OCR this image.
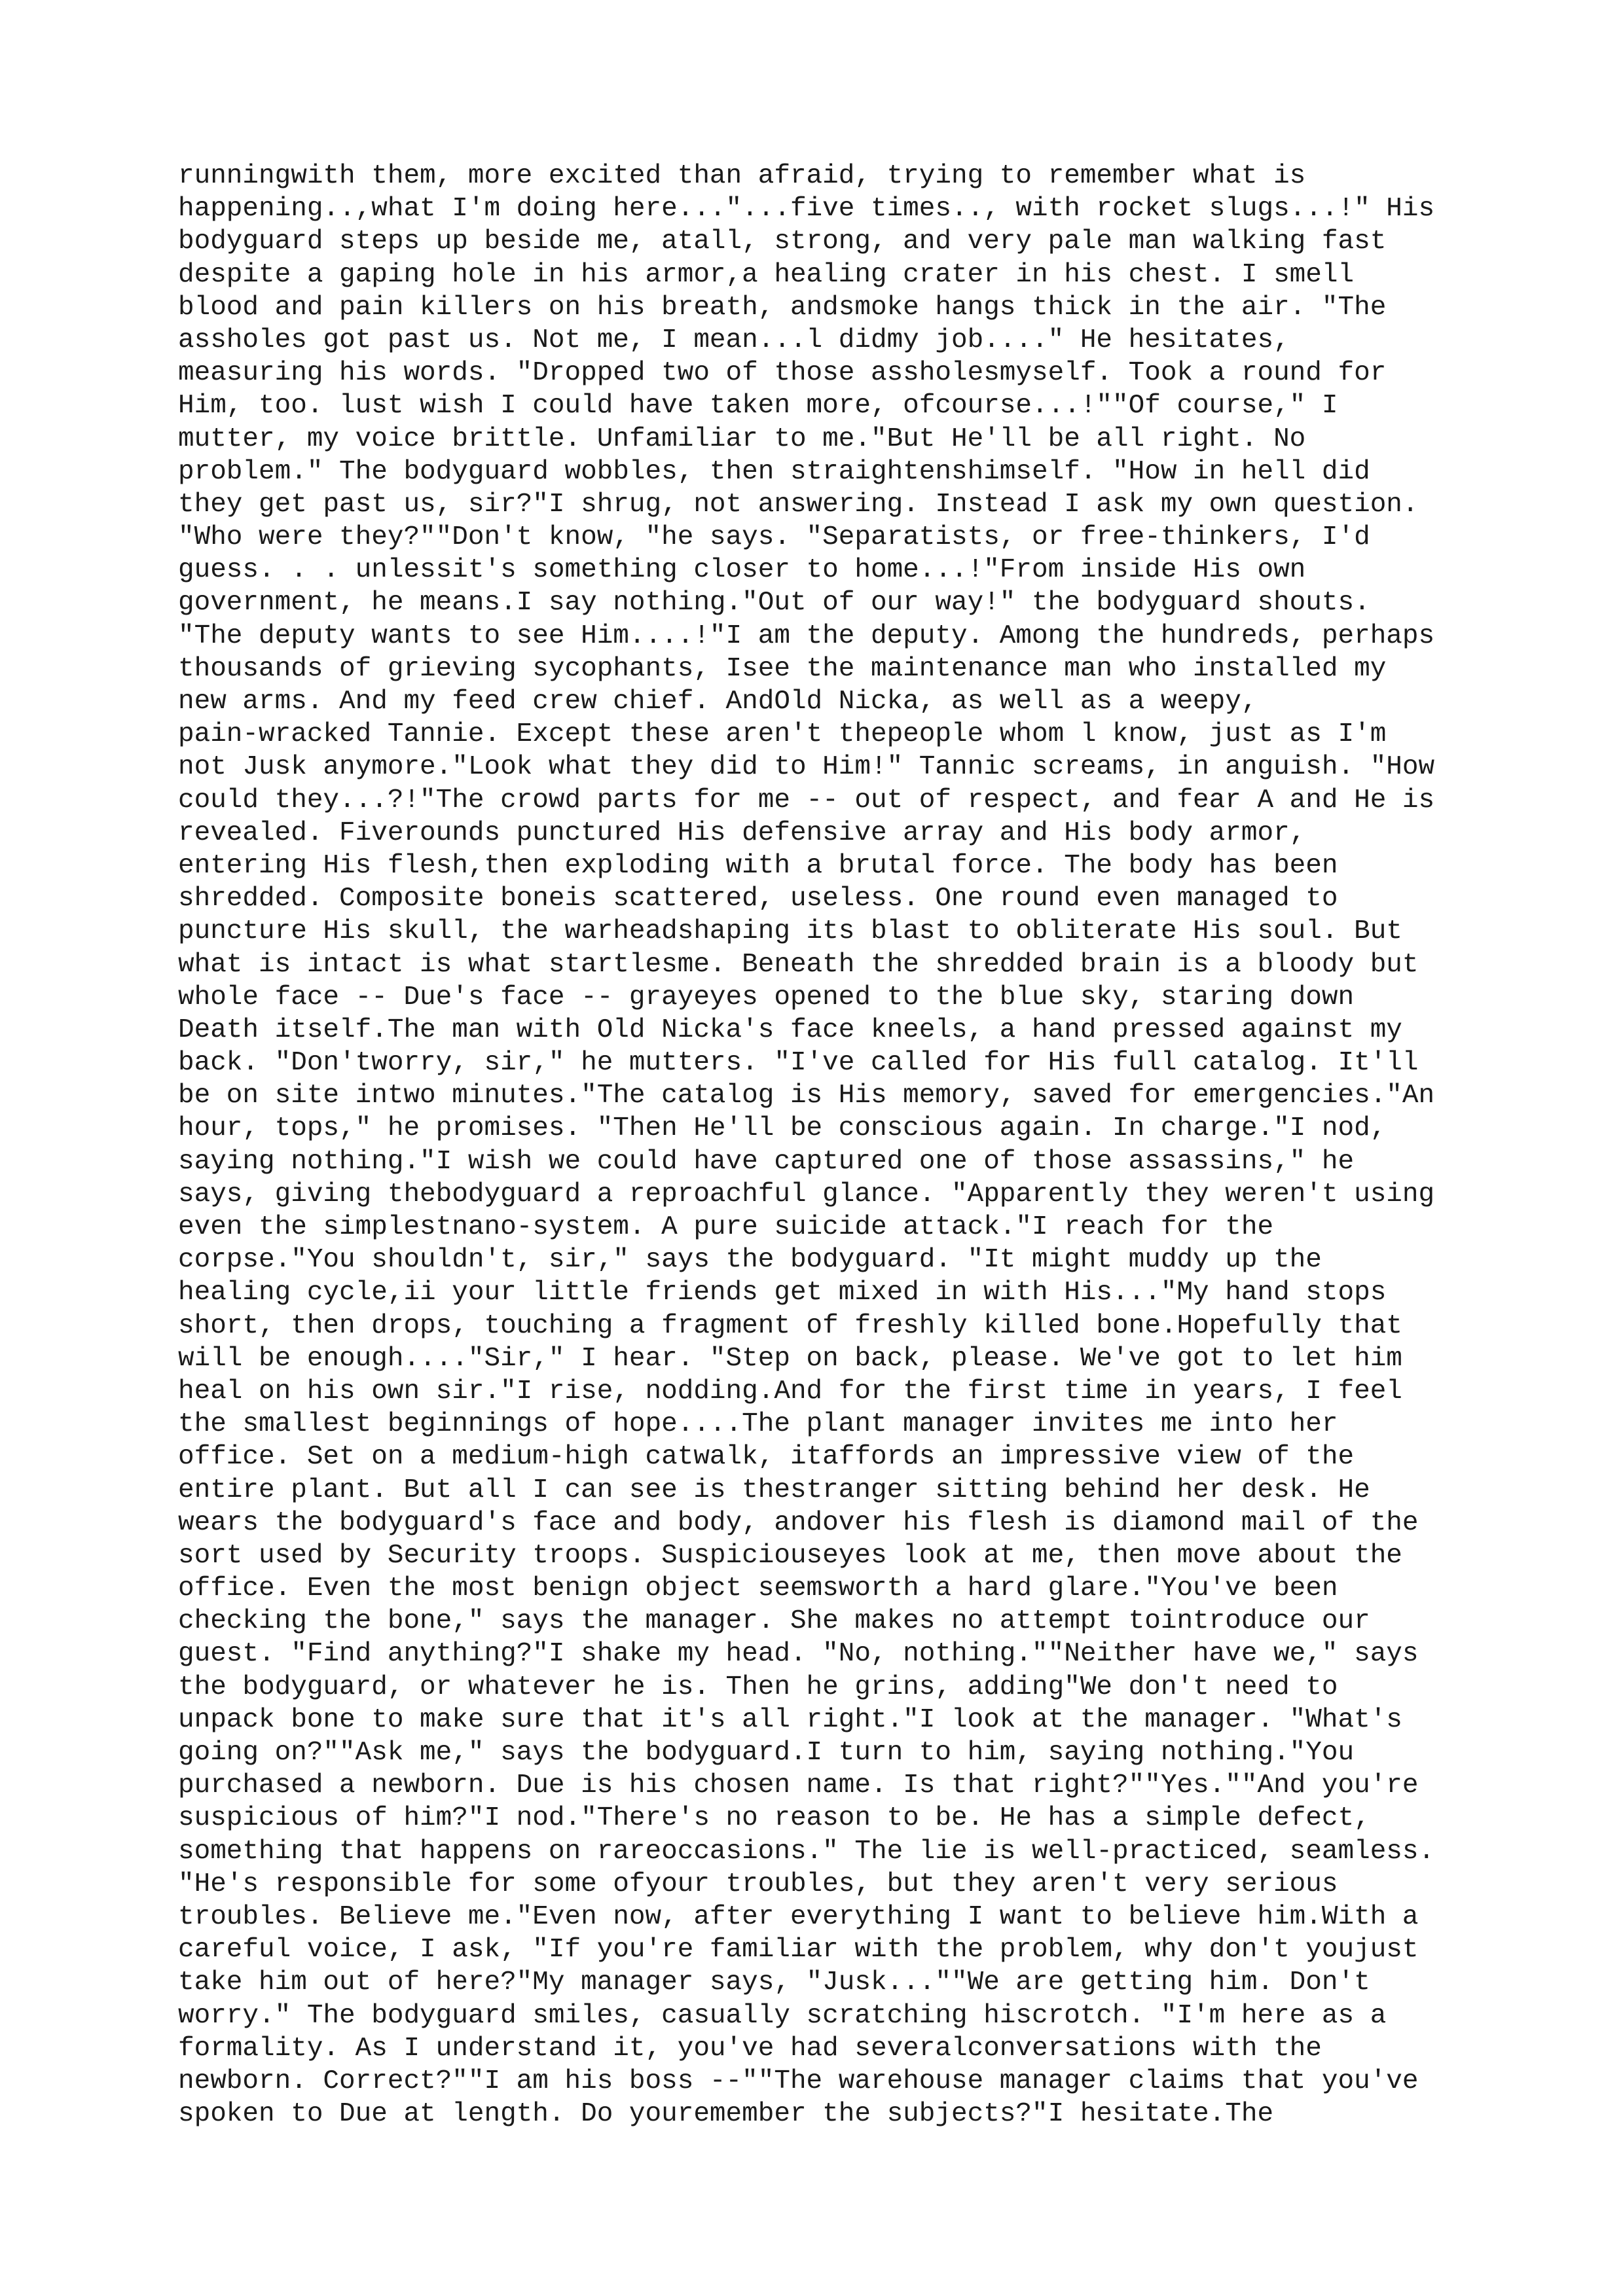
runningwith them, more excited than afraid, trying to remember what is
happening..,what I'm doing here..."...five times.., with rocket slugs...!" His
bodyguard steps up beside me, atall, strong, and very pale man walking fast
despite a gaping hole in his armor,a healing crater in his chest. I smell
blood and pain killers on his breath, andsmoke hangs thick in the air. "The
assholes got past us. Not me, I mean...l didmy job...." He hesitates,
measuring his words. "Dropped two of those assholesmyself. Took a round for
Him, too. lust wish I could have taken more, ofcourse...!""Of course," I
mutter, my voice brittle. Unfamiliar to me."But He'll be all right. No
problem." The bodyguard wobbles, then straightenshimself. "How in hell did
they get past us, sir?"I shrug, not answering. Instead I ask my own question.
"Who were they?""Don't know, "he says. "Separatists, or free-thinkers, I'd
guess. . . unlessit's something closer to home...!"From inside His own
government, he means.I say nothing."Out of our way!" the bodyguard shouts.
"The deputy wants to see Him....!"I am the deputy. Among the hundreds, perhaps
thousands of grieving sycophants, Isee the maintenance man who installed my
new arms. And my feed crew chief. AndOld Nicka, as well as a weepy,
pain-wracked Tannie. Except these aren't thepeople whom l know, just as I'm
not Jusk anymore."Look what they did to Him!" Tannic screams, in anguish. "How
could they...?!"The crowd parts for me -- out of respect, and fear A and He is
revealed. Fiverounds punctured His defensive array and His body armor,
entering His flesh,then exploding with a brutal force. The body has been
shredded. Composite boneis scattered, useless. One round even managed to
puncture His skull, the warheadshaping its blast to obliterate His soul. But
what is intact is what startlesme. Beneath the shredded brain is a bloody but
whole face -- Due's face -- grayeyes opened to the blue sky, staring down
Death itself.The man with Old Nicka's face kneels, a hand pressed against my
back. "Don'tworry, sir," he mutters. "I've called for His full catalog. It'll
be on site intwo minutes."The catalog is His memory, saved for emergencies."An
hour, tops," he promises. "Then He'll be conscious again. In charge."I nod,
saying nothing."I wish we could have captured one of those assassins," he
says, giving thebodyguard a reproachful glance. "Apparently they weren't using
even the simplestnano-system. A pure suicide attack."I reach for the
corpse."You shouldn't, sir," says the bodyguard. "It might muddy up the
healing cycle,ii your little friends get mixed in with His..."My hand stops
short, then drops, touching a fragment of freshly killed bone.Hopefully that
will be enough...."Sir," I hear. "Step on back, please. We've got to let him
heal on his own sir."I rise, nodding.And for the first time in years, I feel
the smallest beginnings of hope....The plant manager invites me into her
office. Set on a medium-high catwalk, itaffords an impressive view of the
entire plant. But all I can see is thestranger sitting behind her desk. He
wears the bodyguard's face and body, andover his flesh is diamond mail of the
sort used by Security troops. Suspiciouseyes look at me, then move about the
office. Even the most benign object seemsworth a hard glare."You've been
checking the bone," says the manager. She makes no attempt tointroduce our
guest. "Find anything?"I shake my head. "No, nothing.""Neither have we," says
the bodyguard, or whatever he is. Then he grins, adding"We don't need to
unpack bone to make sure that it's all right."I look at the manager. "What's
going on?""Ask me," says the bodyguard.I turn to him, saying nothing."You
purchased a newborn. Due is his chosen name. Is that right?""Yes.""And you're
suspicious of him?"I nod."There's no reason to be. He has a simple defect,
something that happens on rareoccasions." The lie is well-practiced, seamless.
"He's responsible for some ofyour troubles, but they aren't very serious
troubles. Believe me."Even now, after everything I want to believe him.With a
careful voice, I ask, "If you're familiar with the problem, why don't youjust
take him out of here?"My manager says, "Jusk...""We are getting him. Don't
worry." The bodyguard smiles, casually scratching hiscrotch. "I'm here as a
formality. As I understand it, you've had severalconversations with the
newborn. Correct?""I am his boss --""The warehouse manager claims that you've
spoken to Due at length. Do youremember the subjects?"I hesitate.The
